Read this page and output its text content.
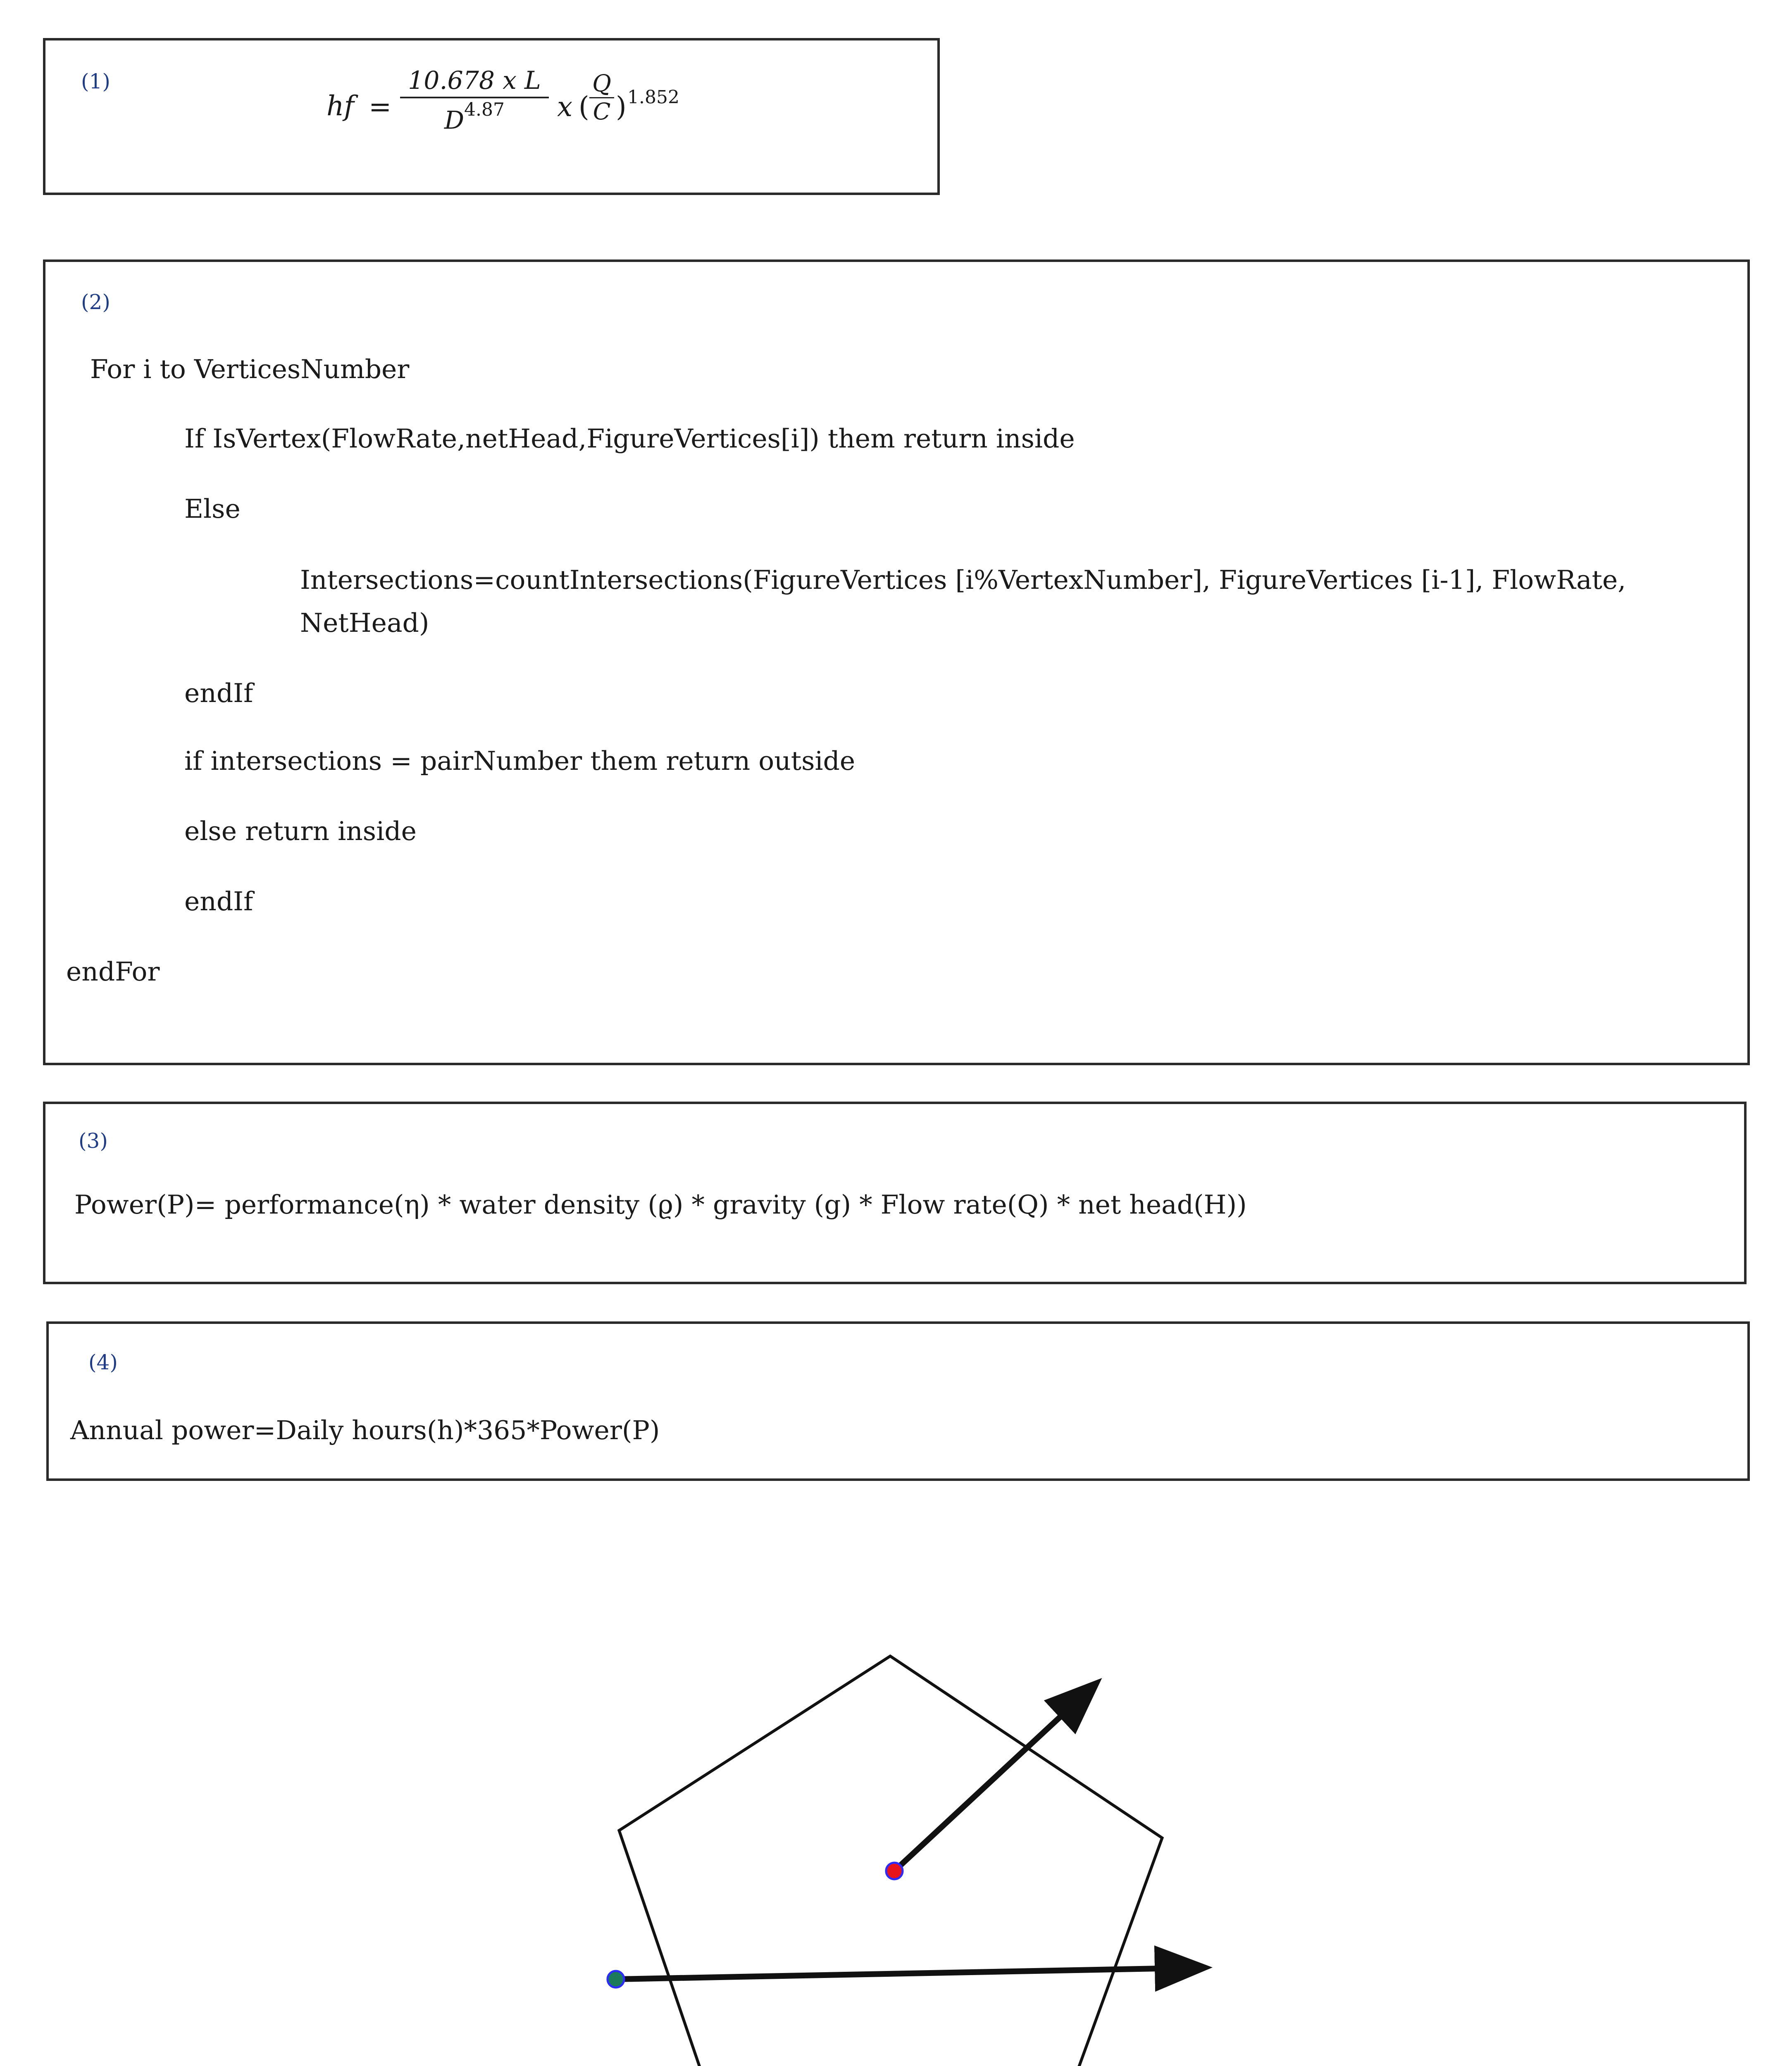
(1)
hf =
10.678 x L
$D^{4.87}$	x (
Q
C ) 1.852
(2)
For i to VerticesNumber
If IsVertex(FlowRate,netHead,FigureVertices[i]) them return inside
Else
Intersections=countIntersections(FigureVertices [i%VertexNumber], FigureVertices [i-1], FlowRate,
NetHead)
endIf
if intersections = pairNumber them return outside
else return inside
endIf
endFor
(3)
Power(P)= performance(η) * water density (ϱ) * gravity (g) * Flow rate(Q) * net head(H))
(4)
Annual power=Daily hours(h)*365*Power(P)
